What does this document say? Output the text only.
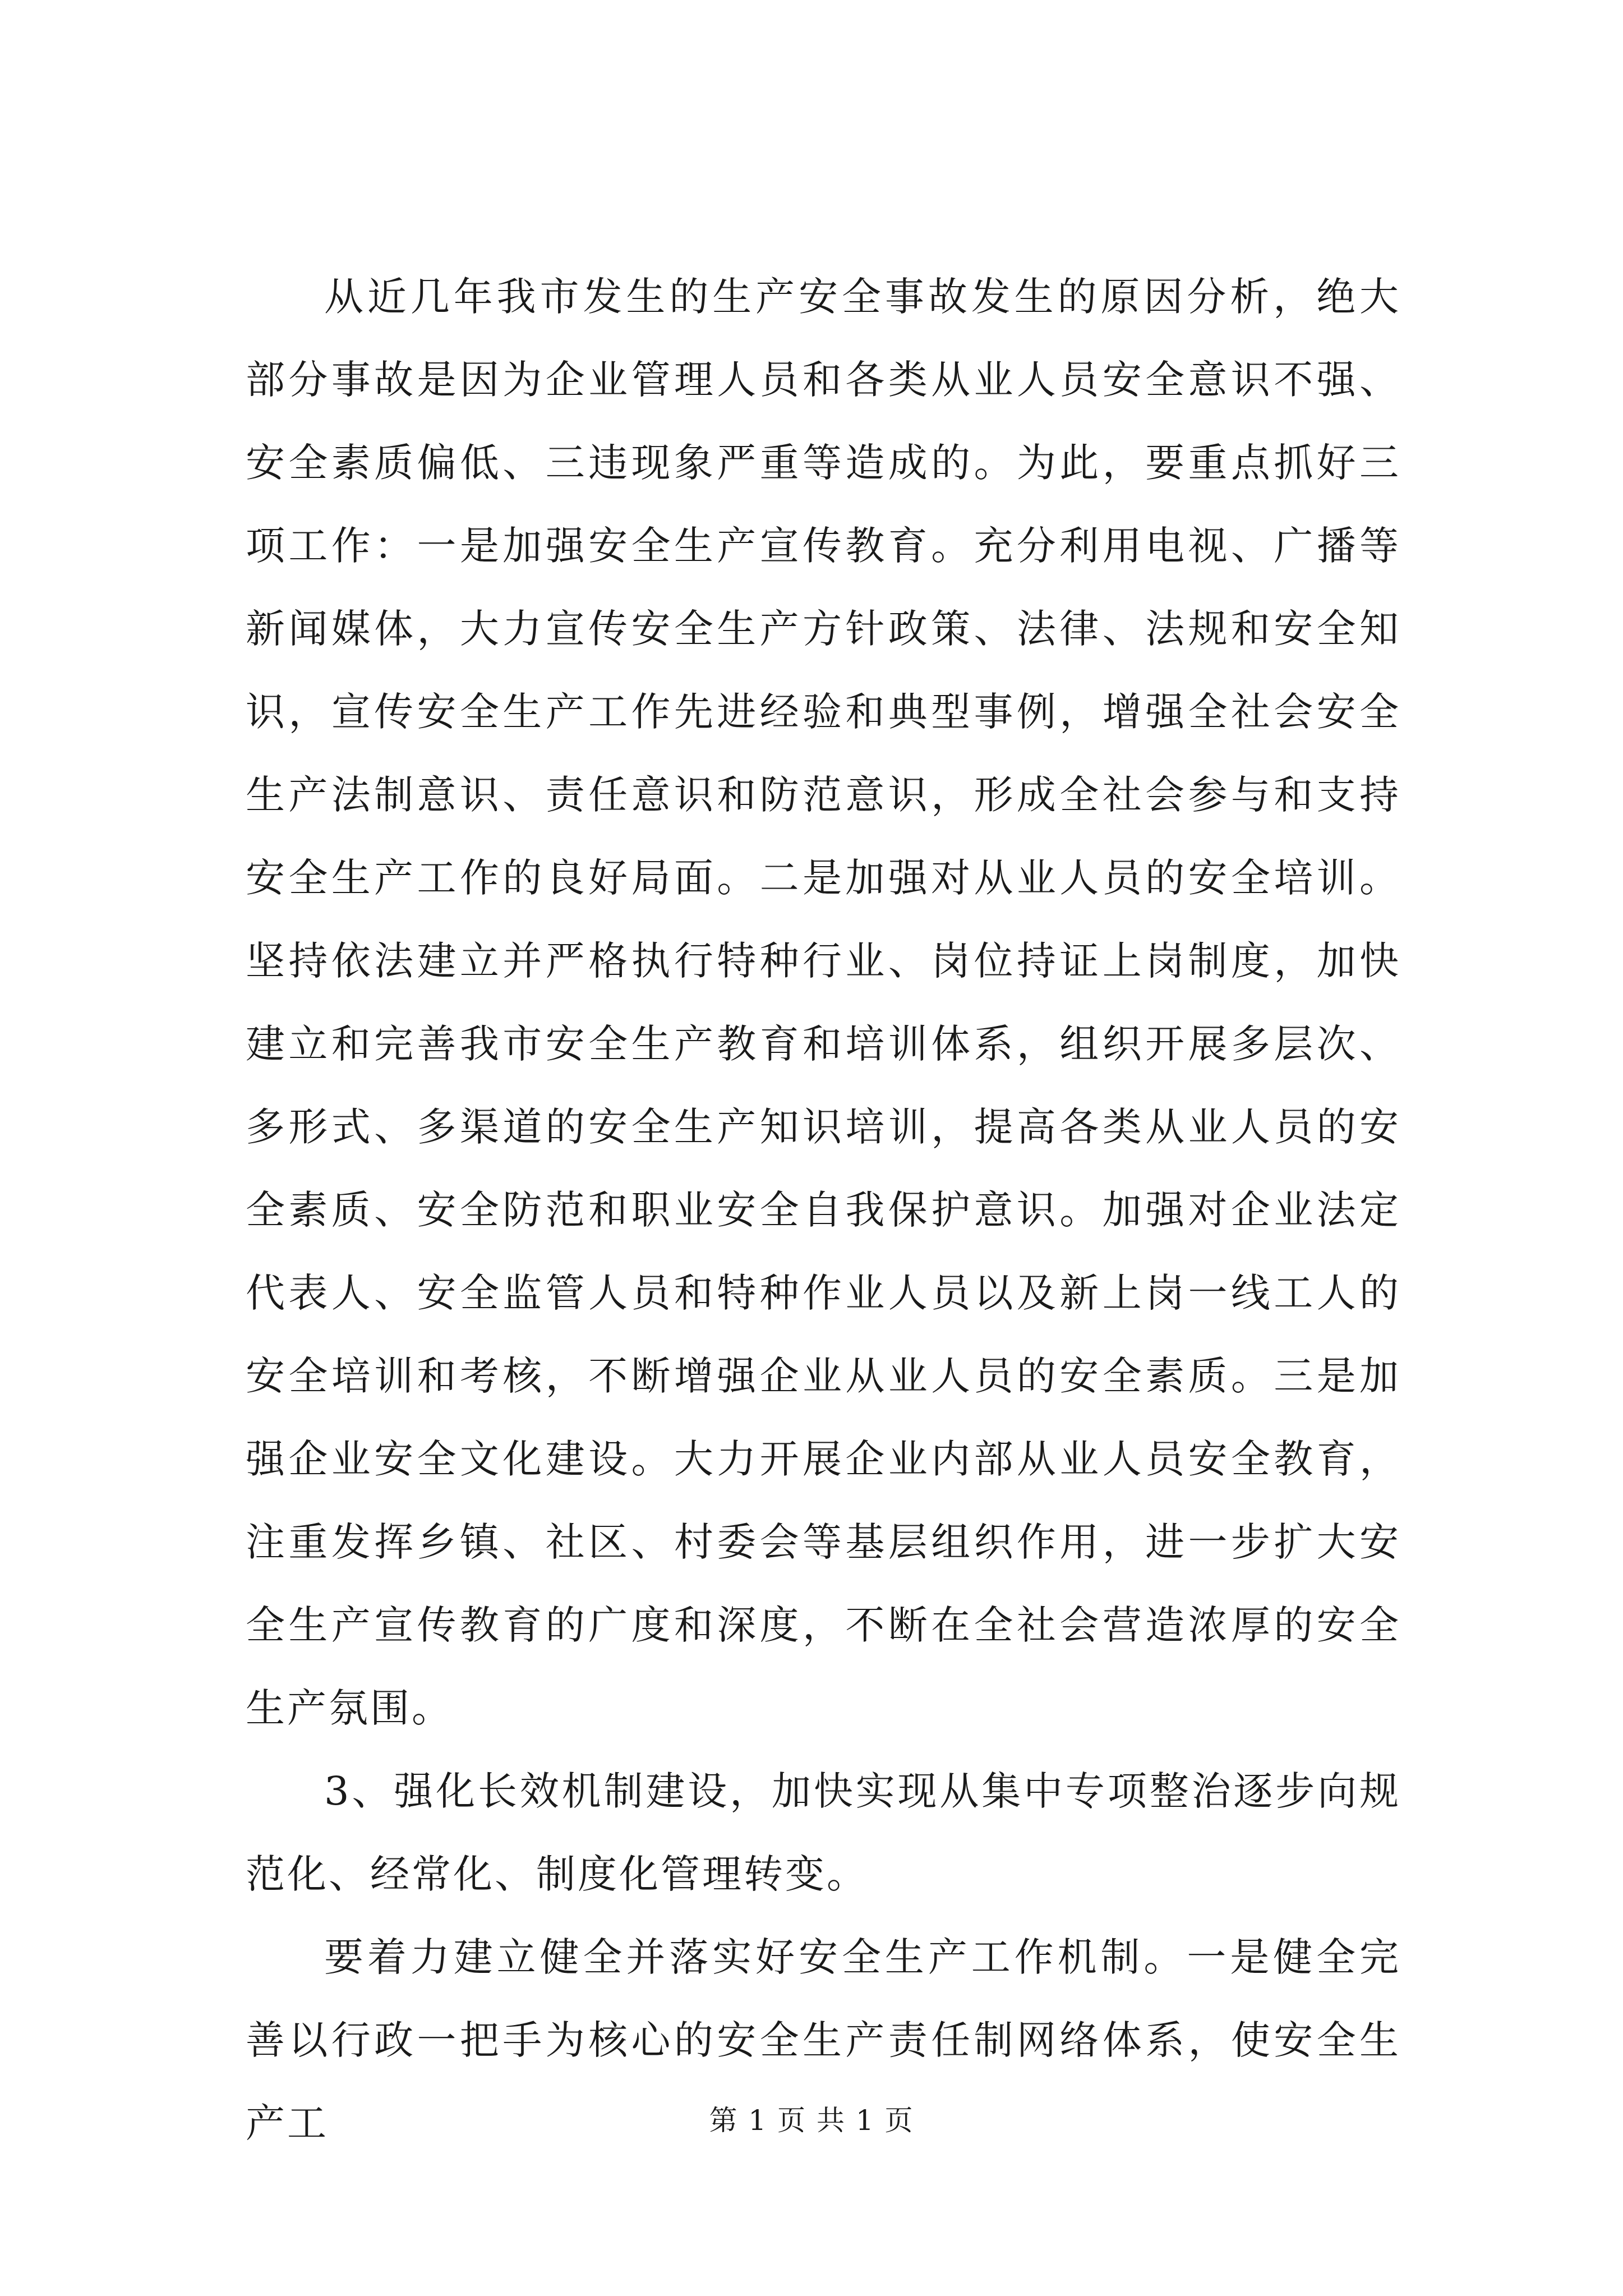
从近几年我市发生的生产安全事故发生的原因分析，绝大部分事故是因为企业管理人员和各类从业人员安全意识不强、安全素质偏低、三违现象严重等造成的。为此，要重点抓好三项工作：一是加强安全生产宣传教育。充分利用电视、广播等新闻媒体，大力宣传安全生产方针政策、法律、法规和安全知识，宣传安全生产工作先进经验和典型事例，增强全社会安全生产法制意识、责任意识和防范意识，形成全社会参与和支持安全生产工作的良好局面。二是加强对从业人员的安全培训。坚持依法建立并严格执行特种行业、岗位持证上岗制度，加快建立和完善我市安全生产教育和培训体系，组织开展多层次、多形式、多渠道的安全生产知识培训，提高各类从业人员的安全素质、安全防范和职业安全自我保护意识。加强对企业法定代表人、安全监管人员和特种作业人员以及新上岗一线工人的安全培训和考核，不断增强企业从业人员的安全素质。三是加强企业安全文化建设。大力开展企业内部从业人员安全教育，注重发挥乡镇、社区、村委会等基层组织作用，进一步扩大安全生产宣传教育的广度和深度，不断在全社会营造浓厚的安全生产氛围。

3、强化长效机制建设，加快实现从集中专项整治逐步向规范化、经常化、制度化管理转变。

要着力建立健全并落实好安全生产工作机制。一是健全完善以行政一把手为核心的安全生产责任制网络体系，使安全生产工	第 1 页 共 1 页
